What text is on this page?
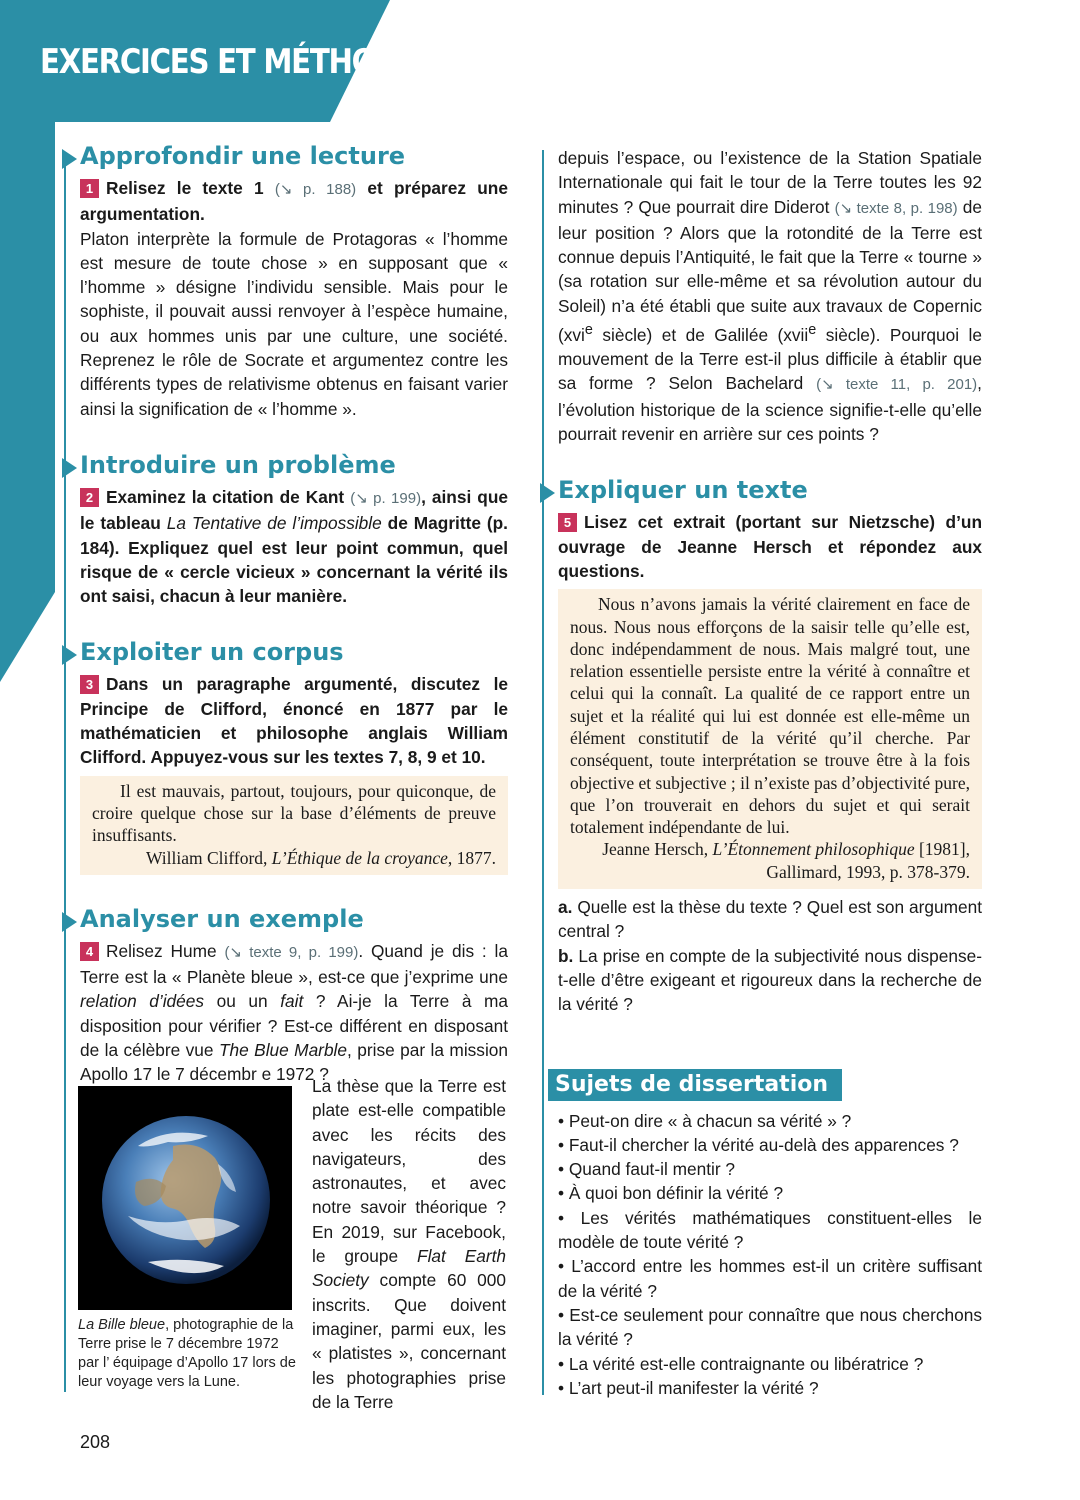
EXERCICES ET MÉTHODES
Approfondir une lecture

1 Relisez le texte 1 (↘ p. 188) et préparez une argumentation.

Platon interprète la formule de Protagoras « l’homme est mesure de toute chose » en supposant que « l’homme » désigne l’individu sensible. Mais pour le sophiste, il pouvait aussi renvoyer à l’espèce humaine, ou aux hommes unis par une culture, une société. Reprenez le rôle de Socrate et argumentez contre les différents types de relativisme obtenus en faisant varier ainsi la signification de « l’homme ».

Introduire un problème

2 Examinez la citation de Kant (↘ p. 199), ainsi que le tableau La Tentative de l’impossible de Magritte (p. 184). Expliquez quel est leur point commun, quel risque de « cercle vicieux » concernant la vérité ils ont saisi, chacun à leur manière.

Exploiter un corpus

3 Dans un paragraphe argumenté, discutez le Principe de Clifford, énoncé en 1877 par le mathématicien et philosophe anglais William Clifford. Appuyez-vous sur les textes 7, 8, 9 et 10.

Il est mauvais, partout, toujours, pour quiconque, de croire quelque chose sur la base d’éléments de preuve insuffisants.
William Clifford, L’Éthique de la croyance, 1877.
Analyser un exemple

4 Relisez Hume (↘ texte 9, p. 199). Quand je dis : la Terre est la « Planète bleue », est-ce que j’exprime une relation d’idées ou un fait ? Ai-je la Terre à ma disposition pour vérifier ? Est-ce différent en disposant de la célèbre vue The Blue Marble, prise par la mission Apollo 17 le 7 décembr e 1972 ?

La Bille bleue, photographie de la Terre prise le 7 décembre 1972 par l’ équipage d’Apollo 17 lors de leur voyage vers la Lune.

La thèse que la Terre est plate est-elle compatible avec les récits des navigateurs, des astronautes, et avec notre savoir théorique ? En 2019, sur Facebook, le groupe Flat Earth Society compte 60 000 inscrits. Que doivent imaginer, parmi eux, les « platistes », concernant les photographies prise de la Terre

depuis l’espace, ou l’existence de la Station Spatiale Internationale qui fait le tour de la Terre toutes les 92 minutes ? Que pourrait dire Diderot (↘ texte 8, p. 198) de leur position ? Alors que la rotondité de la Terre est connue depuis l’Antiquité, le fait que la Terre « tourne » (sa rotation sur elle-même et sa révolution autour du Soleil) n’a été établi que suite aux travaux de Copernic (xvi$^e$ siècle) et de Galilée (xvii$^e$ siècle). Pourquoi le mouvement de la Terre est-il plus difficile à établir que sa forme ? Selon Bachelard (↘ texte 11, p. 201), l’évolution historique de la science signifie-t-elle qu’elle pourrait revenir en arrière sur ces points ?

Expliquer un texte

5 Lisez cet extrait (portant sur Nietzsche) d’un ouvrage de Jeanne Hersch et répondez aux questions.

Nous n’avons jamais la vérité clairement en face de nous. Nous nous efforçons de la saisir telle qu’elle est, donc indépendamment de nous. Mais malgré tout, une relation essentielle persiste entre la vérité à connaître et celui qui la connaît. La qualité de ce rapport entre un sujet et la réalité qui lui est donnée est elle-même un élément constitutif de la vérité qu’il cherche. Par conséquent, toute interprétation se trouve être à la fois objective et subjective ; il n’existe pas d’objectivité pure, que l’on trouverait en dehors du sujet et qui serait totalement indépendante de lui.
Jeanne Hersch, L’Étonnement philosophique [1981], Gallimard, 1993, p. 378-379.

a. Quelle est la thèse du texte ? Quel est son argument central ?

b. La prise en compte de la subjectivité nous dispense-t-elle d’être exigeant et rigoureux dans la recherche de la vérité ?

Sujets de dissertation
• Peut-on dire « à chacun sa vérité » ?
• Faut-il chercher la vérité au-delà des apparences ?
• Quand faut-il mentir ?
• À quoi bon définir la vérité ?
• Les vérités mathématiques constituent-elles le modèle de toute vérité ?
• L’accord entre les hommes est-il un critère suffisant de la vérité ?
• Est-ce seulement pour connaître que nous cherchons la vérité ?
• La vérité est-elle contraignante ou libératrice ?
• L’art peut-il manifester la vérité ?
208
